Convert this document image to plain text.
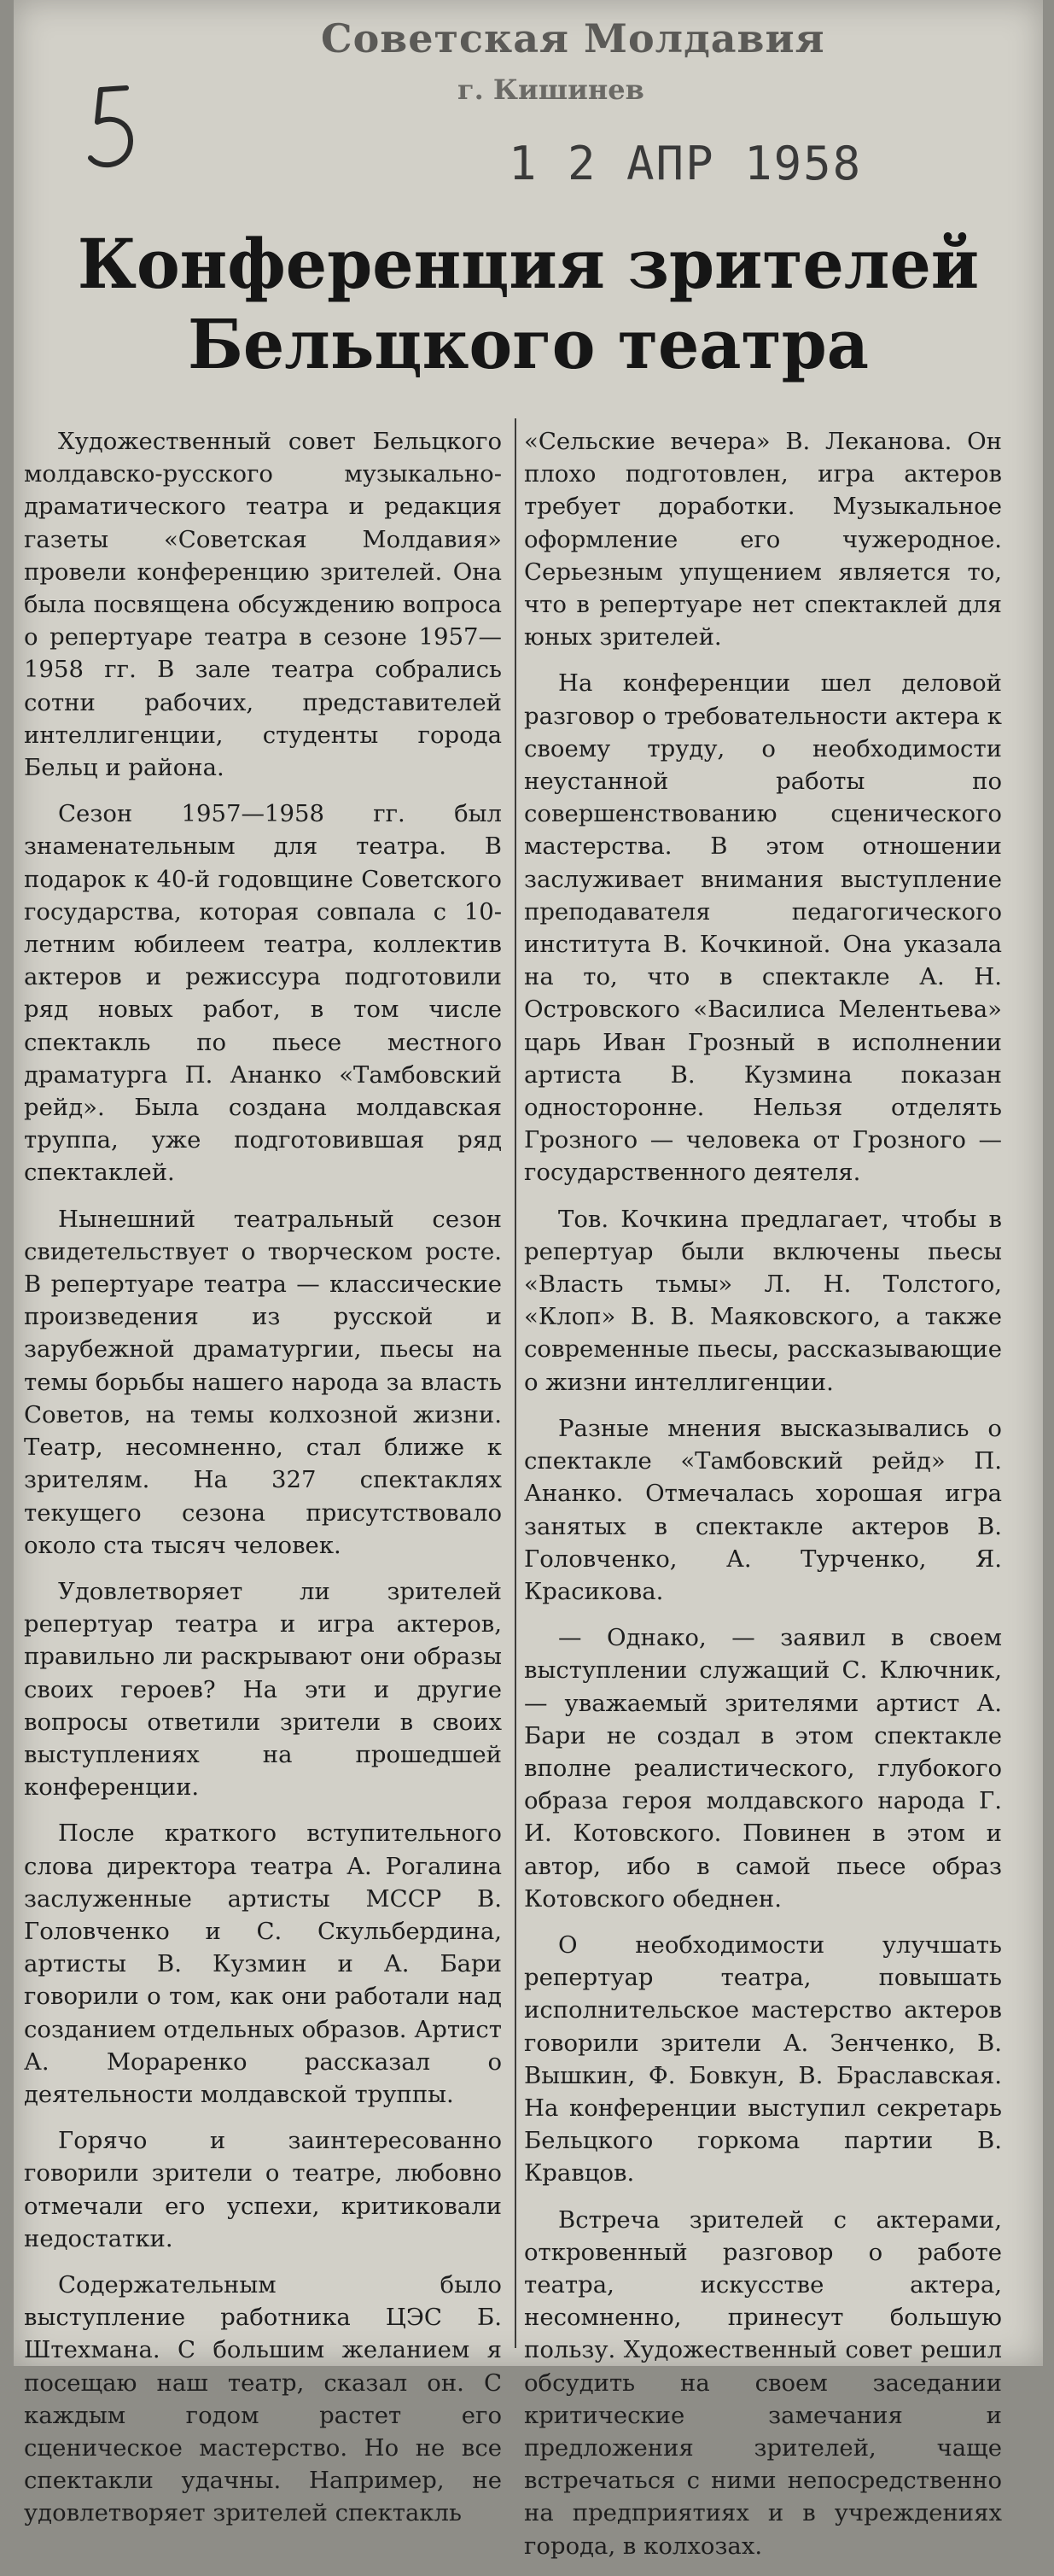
Советская Молдавия
г. Кишинев
1 2 АПР 1958
Конференция зрителей
Бельцкого театра

Художественный совет Бельцкого молдавско-русского музыкально-драматического театра и редакция газеты «Советская Молдавия» провели конференцию зрителей. Она была посвящена обсуждению вопроса о репертуаре театра в сезоне 1957—1958 гг. В зале театра собрались сотни рабочих, представителей интеллигенции, студенты города Бельц и района.

Сезон 1957—1958 гг. был знаменательным для театра. В подарок к 40-й годовщине Советского государства, которая совпала с 10-летним юбилеем театра, коллектив актеров и режиссура подготовили ряд новых работ, в том числе спектакль по пьесе местного драматурга П. Ананко «Тамбовский рейд». Была создана молдавская труппа, уже подготовившая ряд спектаклей.

Нынешний театральный сезон свидетельствует о творческом росте. В репертуаре театра — классические произведения из русской и зарубежной драматургии, пьесы на темы борьбы нашего народа за власть Советов, на темы колхозной жизни. Театр, несомненно, стал ближе к зрителям. На 327 спектаклях текущего сезона присутствовало около ста тысяч человек.

Удовлетворяет ли зрителей репертуар театра и игра актеров, правильно ли раскрывают они образы своих героев? На эти и другие вопросы ответили зрители в своих выступлениях на прошедшей конференции.

После краткого вступительного слова директора театра А. Рогалина заслуженные артисты МССР В. Головченко и С. Скульбердина, артисты В. Кузмин и А. Бари говорили о том, как они работали над созданием отдельных образов. Артист А. Мораренко рассказал о деятельности молдавской труппы.

Горячо и заинтересованно говорили зрители о театре, любовно отмечали его успехи, критиковали недостатки.

Содержательным было выступление работника ЦЭС Б. Штехмана. С большим желанием я посещаю наш театр, сказал он. С каждым годом растет его сценическое мастерство. Но не все спектакли удачны. Например, не удовлетворяет зрителей спектакль

«Сельские вечера» В. Леканова. Он плохо подготовлен, игра актеров требует доработки. Музыкальное оформление его чужеродное. Серьезным упущением является то, что в репертуаре нет спектаклей для юных зрителей.

На конференции шел деловой разговор о требовательности актера к своему труду, о необходимости неустанной работы по совершенствованию сценического мастерства. В этом отношении заслуживает внимания выступление преподавателя педагогического института В. Кочкиной. Она указала на то, что в спектакле А. Н. Островского «Василиса Мелентьева» царь Иван Грозный в исполнении артиста В. Кузмина показан односторонне. Нельзя отделять Грозного — человека от Грозного — государственного деятеля.

Тов. Кочкина предлагает, чтобы в репертуар были включены пьесы «Власть тьмы» Л. Н. Толстого, «Клоп» В. В. Маяковского, а также современные пьесы, рассказывающие о жизни интеллигенции.

Разные мнения высказывались о спектакле «Тамбовский рейд» П. Ананко. Отмечалась хорошая игра занятых в спектакле актеров В. Головченко, А. Турченко, Я. Красикова.

— Однако, — заявил в своем выступлении служащий С. Ключник,— уважаемый зрителями артист А. Бари не создал в этом спектакле вполне реалистического, глубокого образа героя молдавского народа Г. И. Котовского. Повинен в этом и автор, ибо в самой пьесе образ Котовского обеднен.

О необходимости улучшать репертуар театра, повышать исполнительское мастерство актеров говорили зрители А. Зенченко, В. Вышкин, Ф. Бовкун, В. Браславская. На конференции выступил секретарь Бельцкого горкома партии В. Кравцов.

Встреча зрителей с актерами, откровенный разговор о работе театра, искусстве актера, несомненно, принесут большую пользу. Художественный совет решил обсудить на своем заседании критические замечания и предложения зрителей, чаще встречаться с ними непосредственно на предприятиях и в учреждениях города, в колхозах.
